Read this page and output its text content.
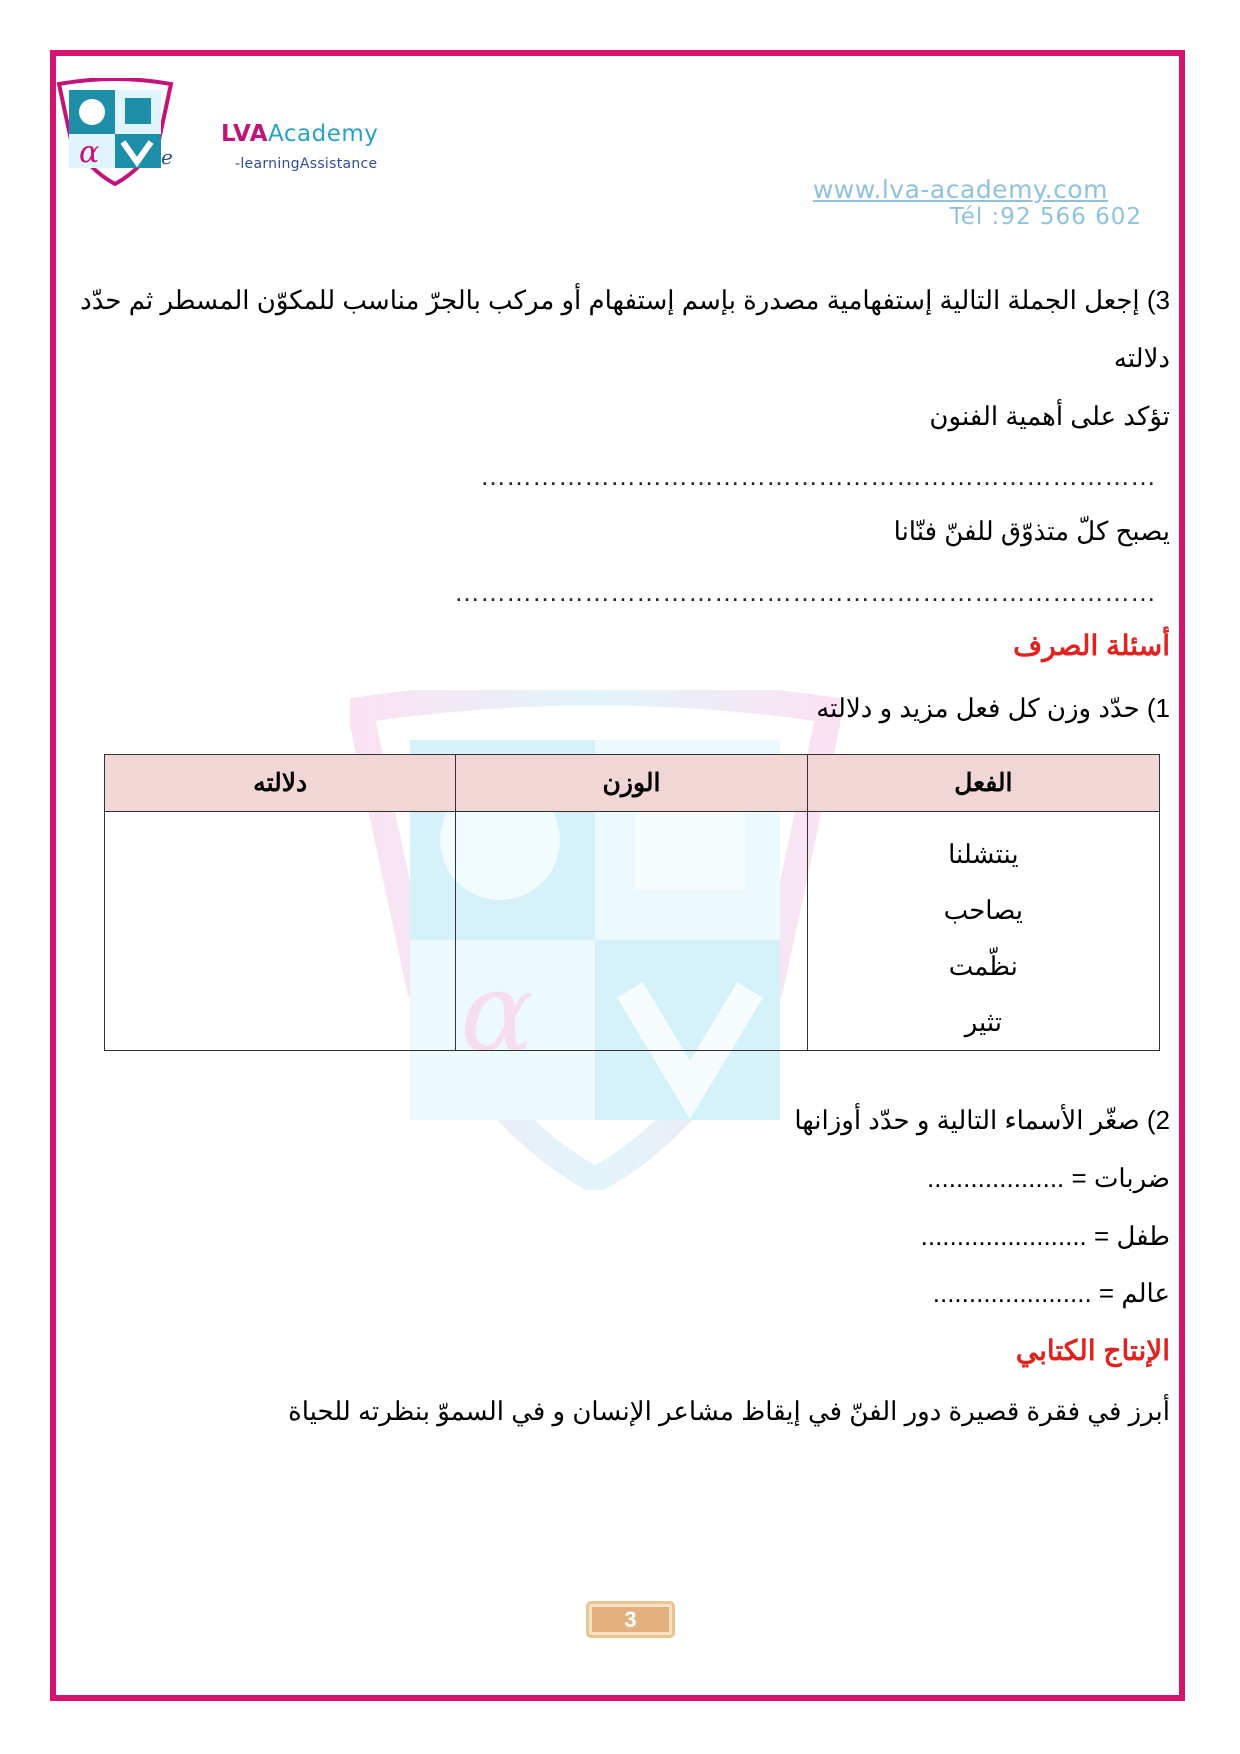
α
α	e
LVAAcademy
-learningAssistance
www.lva-academy.com
Tél :92 566 602
3) إجعل الجملة التالية إستفهامية مصدرة بإسم إستفهام أو مركب بالجرّ مناسب للمكوّن المسطر ثم حدّد
دلالته
تؤكد على أهمية الفنون
……………………………………………………………………
يصبح كلّ متذوّق للفنّ فنّانا
………………………………………………………………………
أسئلة الصرف
1) حدّد وزن كل فعل مزيد و دلالته
الفعل	الوزن	دلالته

ينتشلنا
يصاحب
نظّمت
تثير		

2) صغّر الأسماء التالية و حدّد أوزانها
ضربات = ...................
طفل = .......................
عالم = ......................
الإنتاج الكتابي
أبرز في فقرة قصيرة دور الفنّ في إيقاظ مشاعر الإنسان و في السموّ بنظرته للحياة
3
